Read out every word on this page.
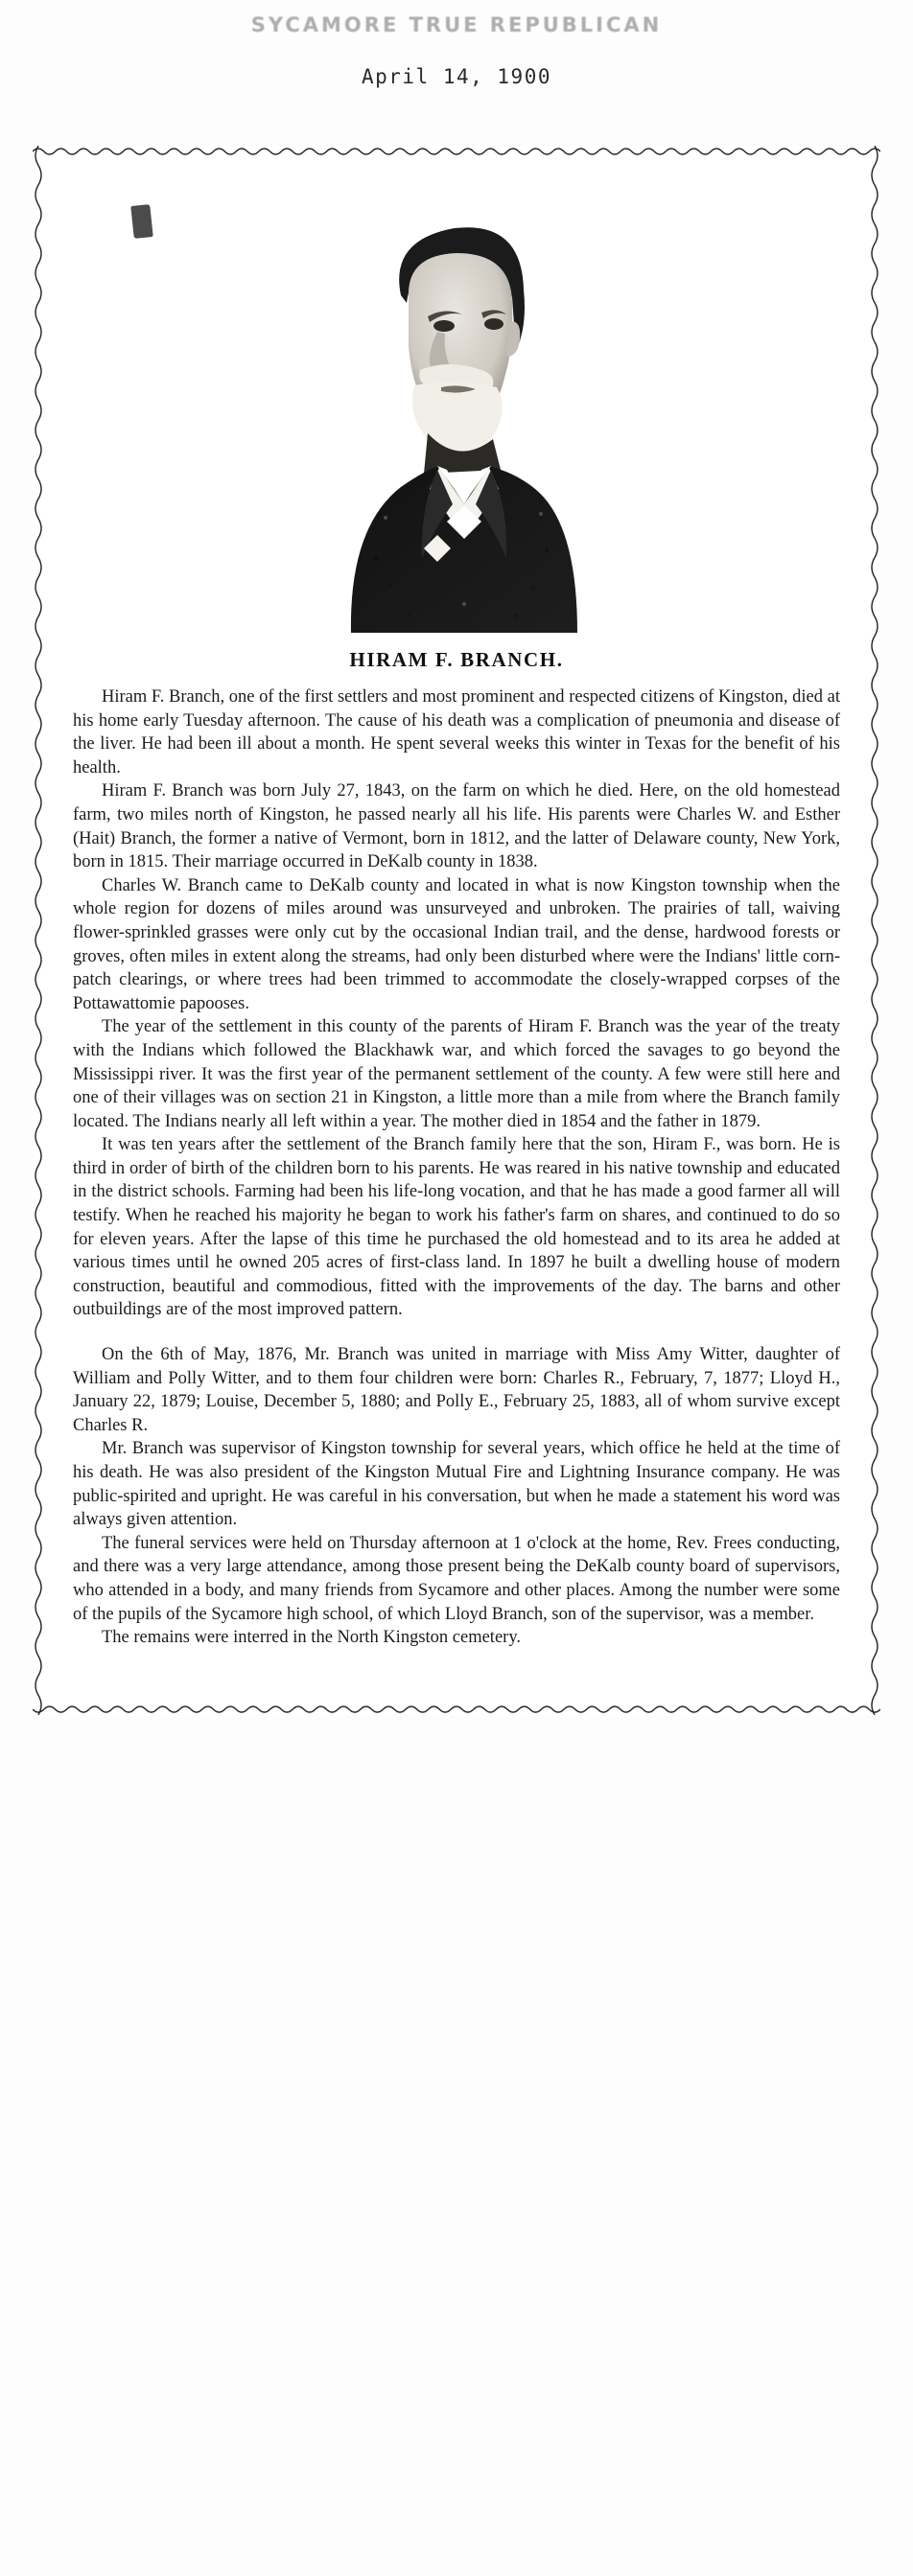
SYCAMORE TRUE REPUBLICAN
April 14, 1900
HIRAM F. BRANCH.

Hiram F. Branch, one of the first settlers and most prominent and respected citizens of Kingston, died at his home early Tuesday afternoon. The cause of his death was a complication of pneumonia and disease of the liver. He had been ill about a month. He spent several weeks this winter in Texas for the benefit of his health.

Hiram F. Branch was born July 27, 1843, on the farm on which he died. Here, on the old homestead farm, two miles north of Kingston, he passed nearly all his life. His parents were Charles W. and Esther (Hait) Branch, the former a native of Vermont, born in 1812, and the latter of Delaware county, New York, born in 1815. Their marriage occurred in DeKalb county in 1838.

Charles W. Branch came to DeKalb county and located in what is now Kingston township when the whole region for dozens of miles around was unsurveyed and unbroken. The prairies of tall, waiving flower-sprinkled grasses were only cut by the occasional Indian trail, and the dense, hardwood forests or groves, often miles in extent along the streams, had only been disturbed where were the Indians' little corn-patch clearings, or where trees had been trimmed to accommodate the closely-wrapped corpses of the Pottawattomie papooses.

The year of the settlement in this county of the parents of Hiram F. Branch was the year of the treaty with the Indians which followed the Blackhawk war, and which forced the savages to go beyond the Mississippi river. It was the first year of the permanent settlement of the county. A few were still here and one of their villages was on section 21 in Kingston, a little more than a mile from where the Branch family located. The Indians nearly all left within a year. The mother died in 1854 and the father in 1879.

It was ten years after the settlement of the Branch family here that the son, Hiram F., was born. He is third in order of birth of the children born to his parents. He was reared in his native township and educated in the district schools. Farming had been his life-long vocation, and that he has made a good farmer all will testify. When he reached his majority he began to work his father's farm on shares, and continued to do so for eleven years. After the lapse of this time he purchased the old homestead and to its area he added at various times until he owned 205 acres of first-class land. In 1897 he built a dwelling house of modern construction, beautiful and commodious, fitted with the improvements of the day. The barns and other outbuildings are of the most improved pattern.

On the 6th of May, 1876, Mr. Branch was united in marriage with Miss Amy Witter, daughter of William and Polly Witter, and to them four children were born: Charles R., February, 7, 1877; Lloyd H., January 22, 1879; Louise, December 5, 1880; and Polly E., February 25, 1883, all of whom survive except Charles R.

Mr. Branch was supervisor of Kingston township for several years, which office he held at the time of his death. He was also president of the Kingston Mutual Fire and Lightning Insurance company. He was public-spirited and upright. He was careful in his conversation, but when he made a statement his word was always given attention.

The funeral services were held on Thursday afternoon at 1 o'clock at the home, Rev. Frees conducting, and there was a very large attendance, among those present being the DeKalb county board of supervisors, who attended in a body, and many friends from Sycamore and other places. Among the number were some of the pupils of the Sycamore high school, of which Lloyd Branch, son of the supervisor, was a member.

The remains were interred in the North Kingston cemetery.
